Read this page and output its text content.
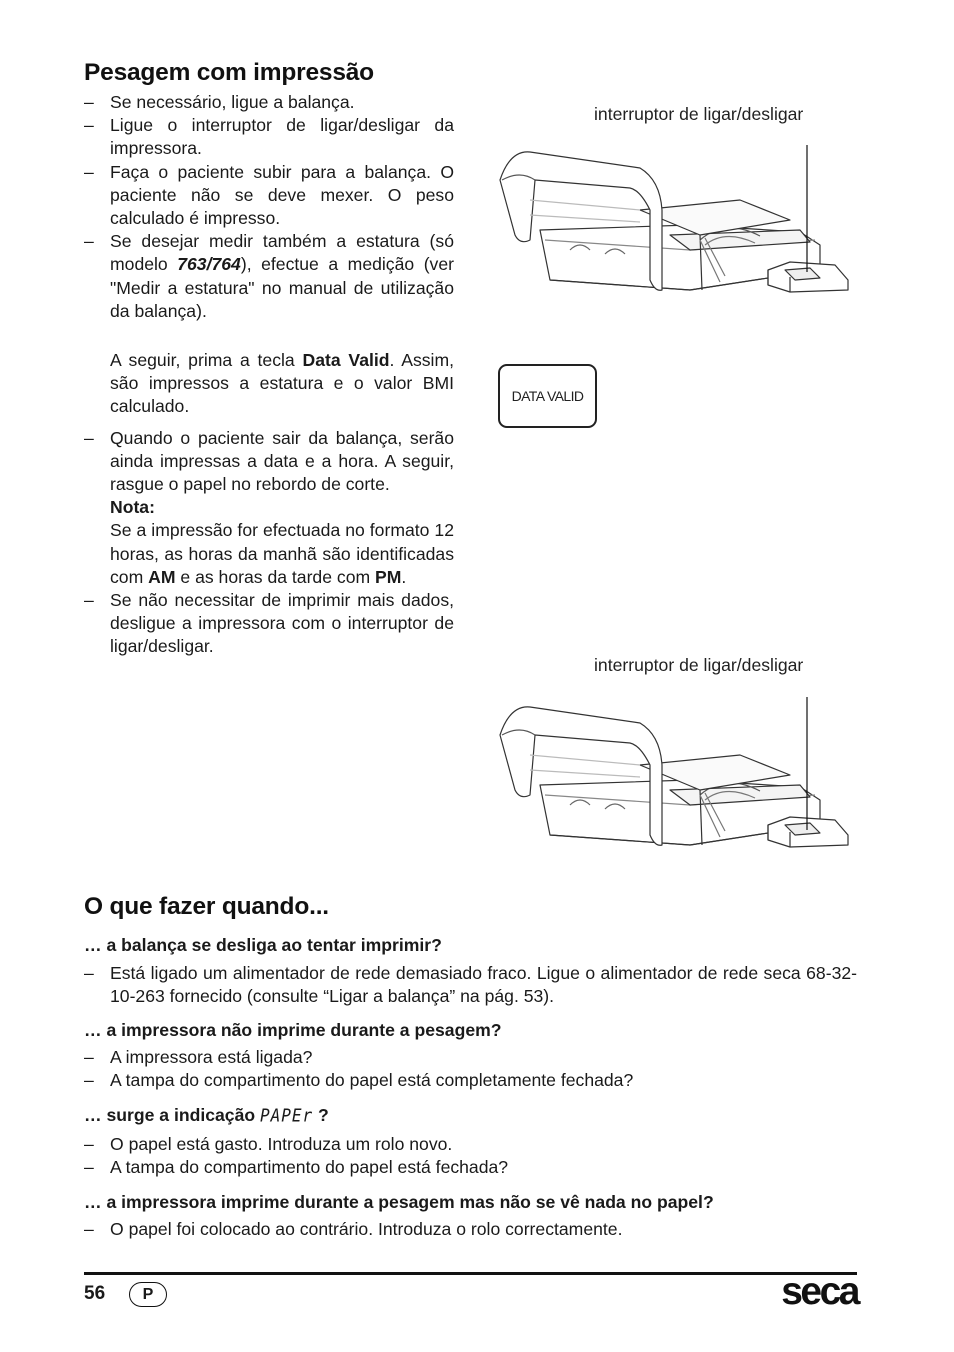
Pesagem com impressão
– Se necessário, ligue a balança.
– Ligue o interruptor de ligar/desligar da impressora.
– Faça o paciente subir para a balança. O paciente não se deve mexer. O peso calculado é impresso.
– Se desejar medir também a estatura (só modelo 763/764), efectue a medição (ver "Medir a estatura" no manual de utilização da balança).
A seguir, prima a tecla Data Valid. Assim, são impressos a estatura e o valor BMI calculado.
– Quando o paciente sair da balança, serão ainda impressas a data e a hora. A seguir, rasgue o papel no rebordo de corte.
Nota:
Se a impressão for efectuada no formato 12 horas, as horas da manhã são identificadas com AM e as horas da tarde com PM.
– Se não necessitar de imprimir mais dados, desligue a impressora com o interruptor de ligar/desligar.
interruptor de ligar/desligar
DATA VALID
interruptor de ligar/desligar
O que fazer quando...
… a balança se desliga ao tentar imprimir?
– Está ligado um alimentador de rede demasiado fraco. Ligue o alimentador de rede seca 68-32-10-263 fornecido (consulte “Ligar a balança” na pág. 53).
… a impressora não imprime durante a pesagem?
– A impressora está ligada?
– A tampa do compartimento do papel está completamente fechada?
… surge a indicação PAPEr ?
– O papel está gasto. Introduza um rolo novo.
– A tampa do compartimento do papel está fechada?
… a impressora imprime durante a pesagem mas não se vê nada no papel?
– O papel foi colocado ao contrário. Introduza o rolo correctamente.
56	P	seca
